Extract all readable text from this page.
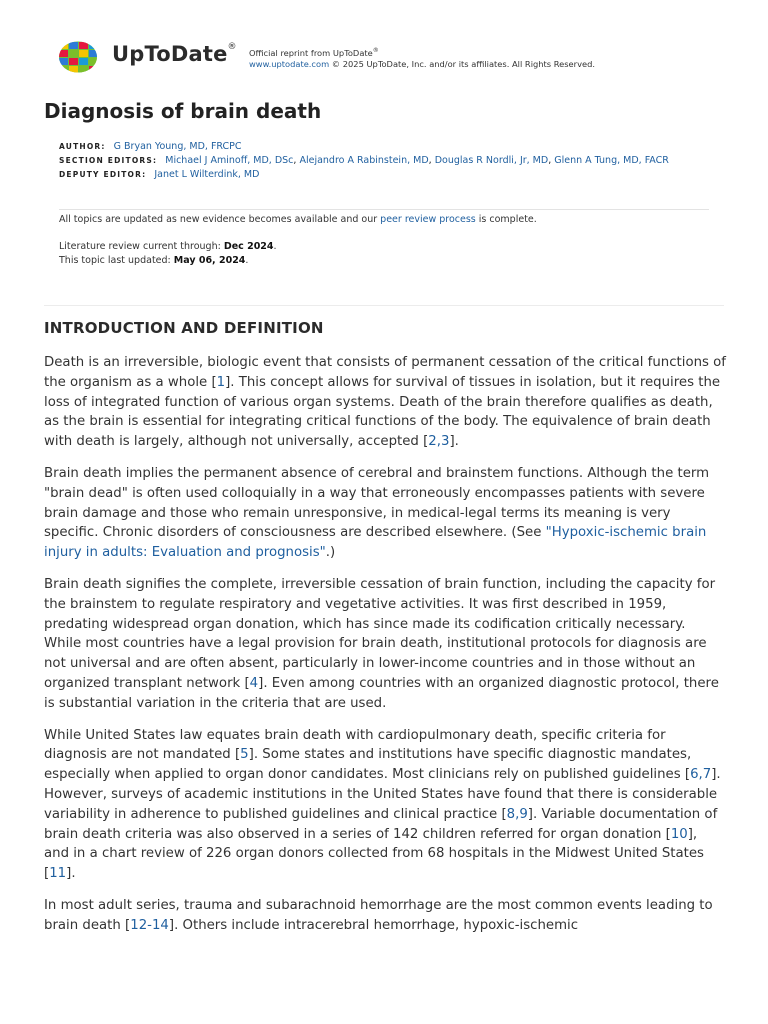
UpToDate®
Official reprint from UpToDate®
www.uptodate.com © 2025 UpToDate, Inc. and/or its affiliates. All Rights Reserved.
Diagnosis of brain death

AUTHOR: G Bryan Young, MD, FRCPC

SECTION EDITORS: Michael J Aminoff, MD, DSc , Alejandro A Rabinstein, MD , Douglas R Nordli, Jr, MD , Glenn A Tung, MD, FACR

DEPUTY EDITOR: Janet L Wilterdink, MD

All topics are updated as new evidence becomes available and our peer review process is complete.
Literature review current through: Dec 2024.
This topic last updated: May 06, 2024.
INTRODUCTION AND DEFINITION

Death is an irreversible, biologic event that consists of permanent cessation of the critical functions of the organism as a whole [1]. This concept allows for survival of tissues in isolation, but it requires the loss of integrated function of various organ systems. Death of the brain therefore qualifies as death, as the brain is essential for integrating critical functions of the body. The equivalence of brain death with death is largely, although not universally, accepted [2,3].

Brain death implies the permanent absence of cerebral and brainstem functions. Although the term "brain dead" is often used colloquially in a way that erroneously encompasses patients with severe brain damage and those who remain unresponsive, in medical-legal terms its meaning is very specific. Chronic disorders of consciousness are described elsewhere. (See "Hypoxic-ischemic brain injury in adults: Evaluation and prognosis".)

Brain death signifies the complete, irreversible cessation of brain function, including the capacity for the brainstem to regulate respiratory and vegetative activities. It was first described in 1959, predating widespread organ donation, which has since made its codification critically necessary. While most countries have a legal provision for brain death, institutional protocols for diagnosis are not universal and are often absent, particularly in lower-income countries and in those without an organized transplant network [4]. Even among countries with an organized diagnostic protocol, there is substantial variation in the criteria that are used.

While United States law equates brain death with cardiopulmonary death, specific criteria for diagnosis are not mandated [5]. Some states and institutions have specific diagnostic mandates, especially when applied to organ donor candidates. Most clinicians rely on published guidelines [6,7]. However, surveys of academic institutions in the United States have found that there is considerable variability in adherence to published guidelines and clinical practice [8,9]. Variable documentation of brain death criteria was also observed in a series of 142 children referred for organ donation [10], and in a chart review of 226 organ donors collected from 68 hospitals in the Midwest United States [11].

In most adult series, trauma and subarachnoid hemorrhage are the most common events leading to brain death [12-14]. Others include intracerebral hemorrhage, hypoxic-ischemic
